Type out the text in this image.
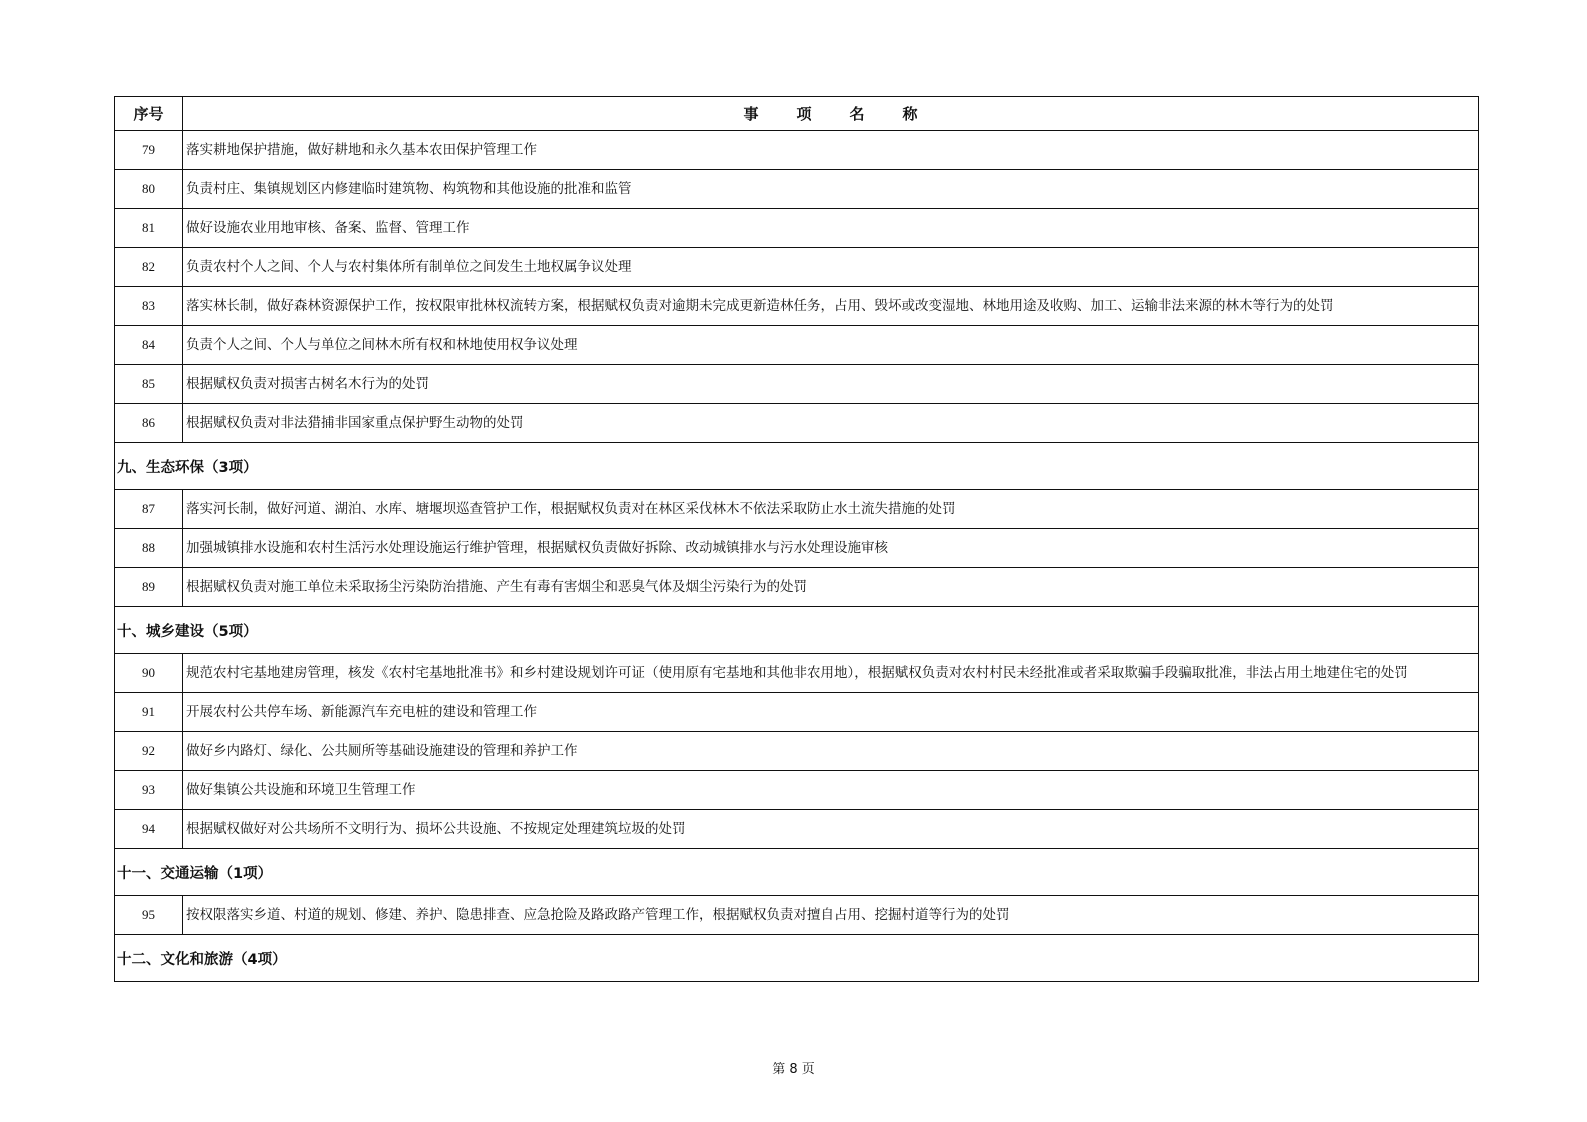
序号	事项名称
79	落实耕地保护措施，做好耕地和永久基本农田保护管理工作
80	负责村庄、集镇规划区内修建临时建筑物、构筑物和其他设施的批准和监管
81	做好设施农业用地审核、备案、监督、管理工作
82	负责农村个人之间、个人与农村集体所有制单位之间发生土地权属争议处理
83	落实林长制，做好森林资源保护工作，按权限审批林权流转方案，根据赋权负责对逾期未完成更新造林任务，占用、毁坏或改变湿地、林地用途及收购、加工、运输非法来源的林木等行为的处罚
84	负责个人之间、个人与单位之间林木所有权和林地使用权争议处理
85	根据赋权负责对损害古树名木行为的处罚
86	根据赋权负责对非法猎捕非国家重点保护野生动物的处罚
九、生态环保（3项）	
87	落实河长制，做好河道、湖泊、水库、塘堰坝巡查管护工作，根据赋权负责对在林区采伐林木不依法采取防止水土流失措施的处罚
88	加强城镇排水设施和农村生活污水处理设施运行维护管理，根据赋权负责做好拆除、改动城镇排水与污水处理设施审核
89	根据赋权负责对施工单位未采取扬尘污染防治措施、产生有毒有害烟尘和恶臭气体及烟尘污染行为的处罚
十、城乡建设（5项）	
90	规范农村宅基地建房管理，核发《农村宅基地批准书》和乡村建设规划许可证（使用原有宅基地和其他非农用地），根据赋权负责对农村村民未经批准或者采取欺骗手段骗取批准，非法占用土地建住宅的处罚
91	开展农村公共停车场、新能源汽车充电桩的建设和管理工作
92	做好乡内路灯、绿化、公共厕所等基础设施建设的管理和养护工作
93	做好集镇公共设施和环境卫生管理工作
94	根据赋权做好对公共场所不文明行为、损坏公共设施、不按规定处理建筑垃圾的处罚
十一、交通运输（1项）	
95	按权限落实乡道、村道的规划、修建、养护、隐患排查、应急抢险及路政路产管理工作，根据赋权负责对擅自占用、挖掘村道等行为的处罚
十二、文化和旅游（4项）	
第 8 页
